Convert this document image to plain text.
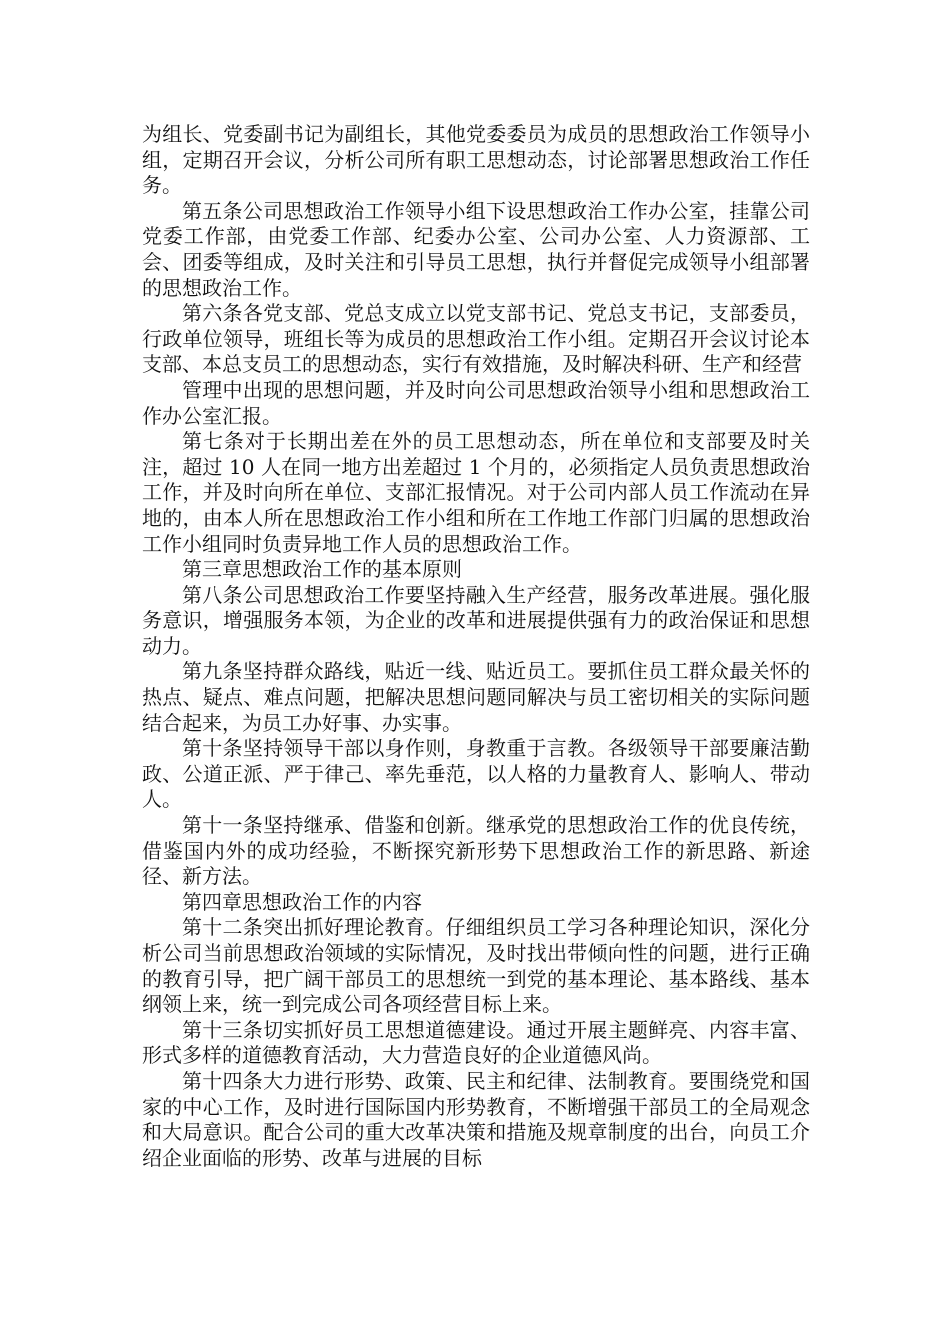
为组长、党委副书记为副组长，其他党委委员为成员的思想政治工作领导小组，定期召开会议，分析公司所有职工思想动态，讨论部署思想政治工作任务。

第五条公司思想政治工作领导小组下设思想政治工作办公室，挂靠公司党委工作部，由党委工作部、纪委办公室、公司办公室、人力资源部、工会、团委等组成，及时关注和引导员工思想，执行并督促完成领导小组部署的思想政治工作。

第六条各党支部、党总支成立以党支部书记、党总支书记，支部委员，行政单位领导，班组长等为成员的思想政治工作小组。定期召开会议讨论本支部、本总支员工的思想动态，实行有效措施，及时解决科研、生产和经营

管理中出现的思想问题，并及时向公司思想政治领导小组和思想政治工作办公室汇报。

第七条对于长期出差在外的员工思想动态，所在单位和支部要及时关注，超过 10 人在同一地方出差超过 1 个月的，必须指定人员负责思想政治工作，并及时向所在单位、支部汇报情况。对于公司内部人员工作流动在异地的，由本人所在思想政治工作小组和所在工作地工作部门归属的思想政治工作小组同时负责异地工作人员的思想政治工作。

第三章思想政治工作的基本原则

第八条公司思想政治工作要坚持融入生产经营，服务改革进展。强化服务意识，增强服务本领，为企业的改革和进展提供强有力的政治保证和思想动力。

第九条坚持群众路线，贴近一线、贴近员工。要抓住员工群众最关怀的热点、疑点、难点问题，把解决思想问题同解决与员工密切相关的实际问题结合起来，为员工办好事、办实事。

第十条坚持领导干部以身作则，身教重于言教。各级领导干部要廉洁勤政、公道正派、严于律己、率先垂范，以人格的力量教育人、影响人、带动人。

第十一条坚持继承、借鉴和创新。继承党的思想政治工作的优良传统，借鉴国内外的成功经验，不断探究新形势下思想政治工作的新思路、新途径、新方法。

第四章思想政治工作的内容

第十二条突出抓好理论教育。仔细组织员工学习各种理论知识，深化分析公司当前思想政治领域的实际情况，及时找出带倾向性的问题，进行正确的教育引导，把广阔干部员工的思想统一到党的基本理论、基本路线、基本纲领上来，统一到完成公司各项经营目标上来。

第十三条切实抓好员工思想道德建设。通过开展主题鲜亮、内容丰富、形式多样的道德教育活动，大力营造良好的企业道德风尚。

第十四条大力进行形势、政策、民主和纪律、法制教育。要围绕党和国家的中心工作，及时进行国际国内形势教育，不断增强干部员工的全局观念和大局意识。配合公司的重大改革决策和措施及规章制度的出台，向员工介绍企业面临的形势、改革与进展的目标
